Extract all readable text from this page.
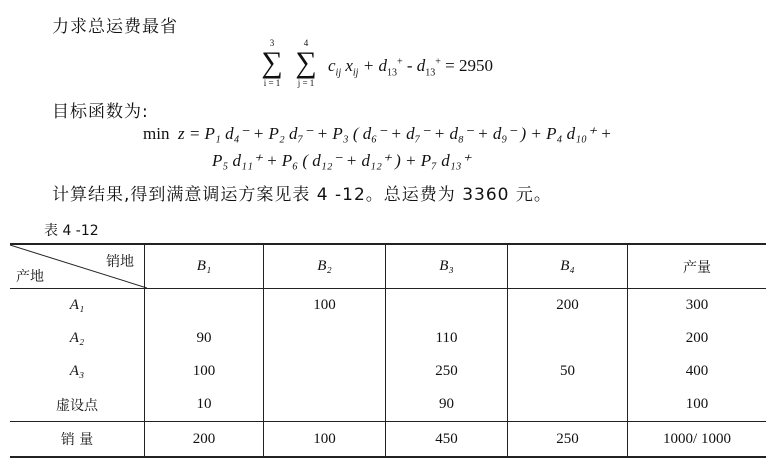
力求总运费最省
3
∑
i = 1
4
∑
j = 1
$c_{ij}$ $x_{ij} + d_{13}^+ - d_{13}^+ = 2950$
目标函数为:
min z = P₁ d₄⁻ + P₂ d₇⁻ + P₃ ( d₆⁻ + d₇⁻ + d₈⁻ + d₉⁻ ) + P₄ d₁₀⁺ +
P₅ d₁₁⁺ + P₆ ( d₁₂⁻ + d₁₂⁺ ) + P₇ d₁₃⁺
计算结果,得到满意调运方案见表 4 -12。总运费为 3360 元。
表 4 -12
销地
产地	B₁	B₂	B₃	B₄	产量
A₁		100		200	300
A₂	90		110		200
A₃	100		250	50	400
虚设点	10		90		100
销 量	200	100	450	250	1000/ 1000
